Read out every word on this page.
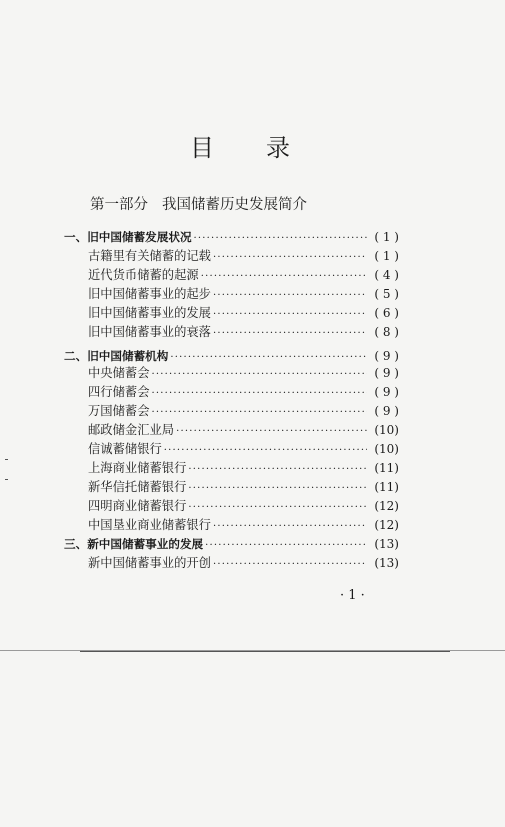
目 录
第一部分 我国储蓄历史发展简介
一、旧中国储蓄发展状况 ·····	( 1 )
古籍里有关储蓄的记载 ·····	( 1 )
近代货币储蓄的起源 ·····	( 4 )
旧中国储蓄事业的起步 ·····	( 5 )
旧中国储蓄事业的发展 ·····	( 6 )
旧中国储蓄事业的衰落 ·····	( 8 )
二、旧中国储蓄机构 ·····	( 9 )
中央储蓄会 ·····	( 9 )
四行储蓄会 ·····	( 9 )
万国储蓄会 ·····	( 9 )
邮政储金汇业局 ·····	(10)
信诚蓄储银行 ·····	(10)
上海商业储蓄银行 ·····	(11)
新华信托储蓄银行 ·····	(11)
四明商业储蓄银行 ·····	(12)
中国垦业商业储蓄银行 ·····	(12)
三、新中国储蓄事业的发展 ·····	(13)
新中国储蓄事业的开创 ·····	(13)
· 1 ·
